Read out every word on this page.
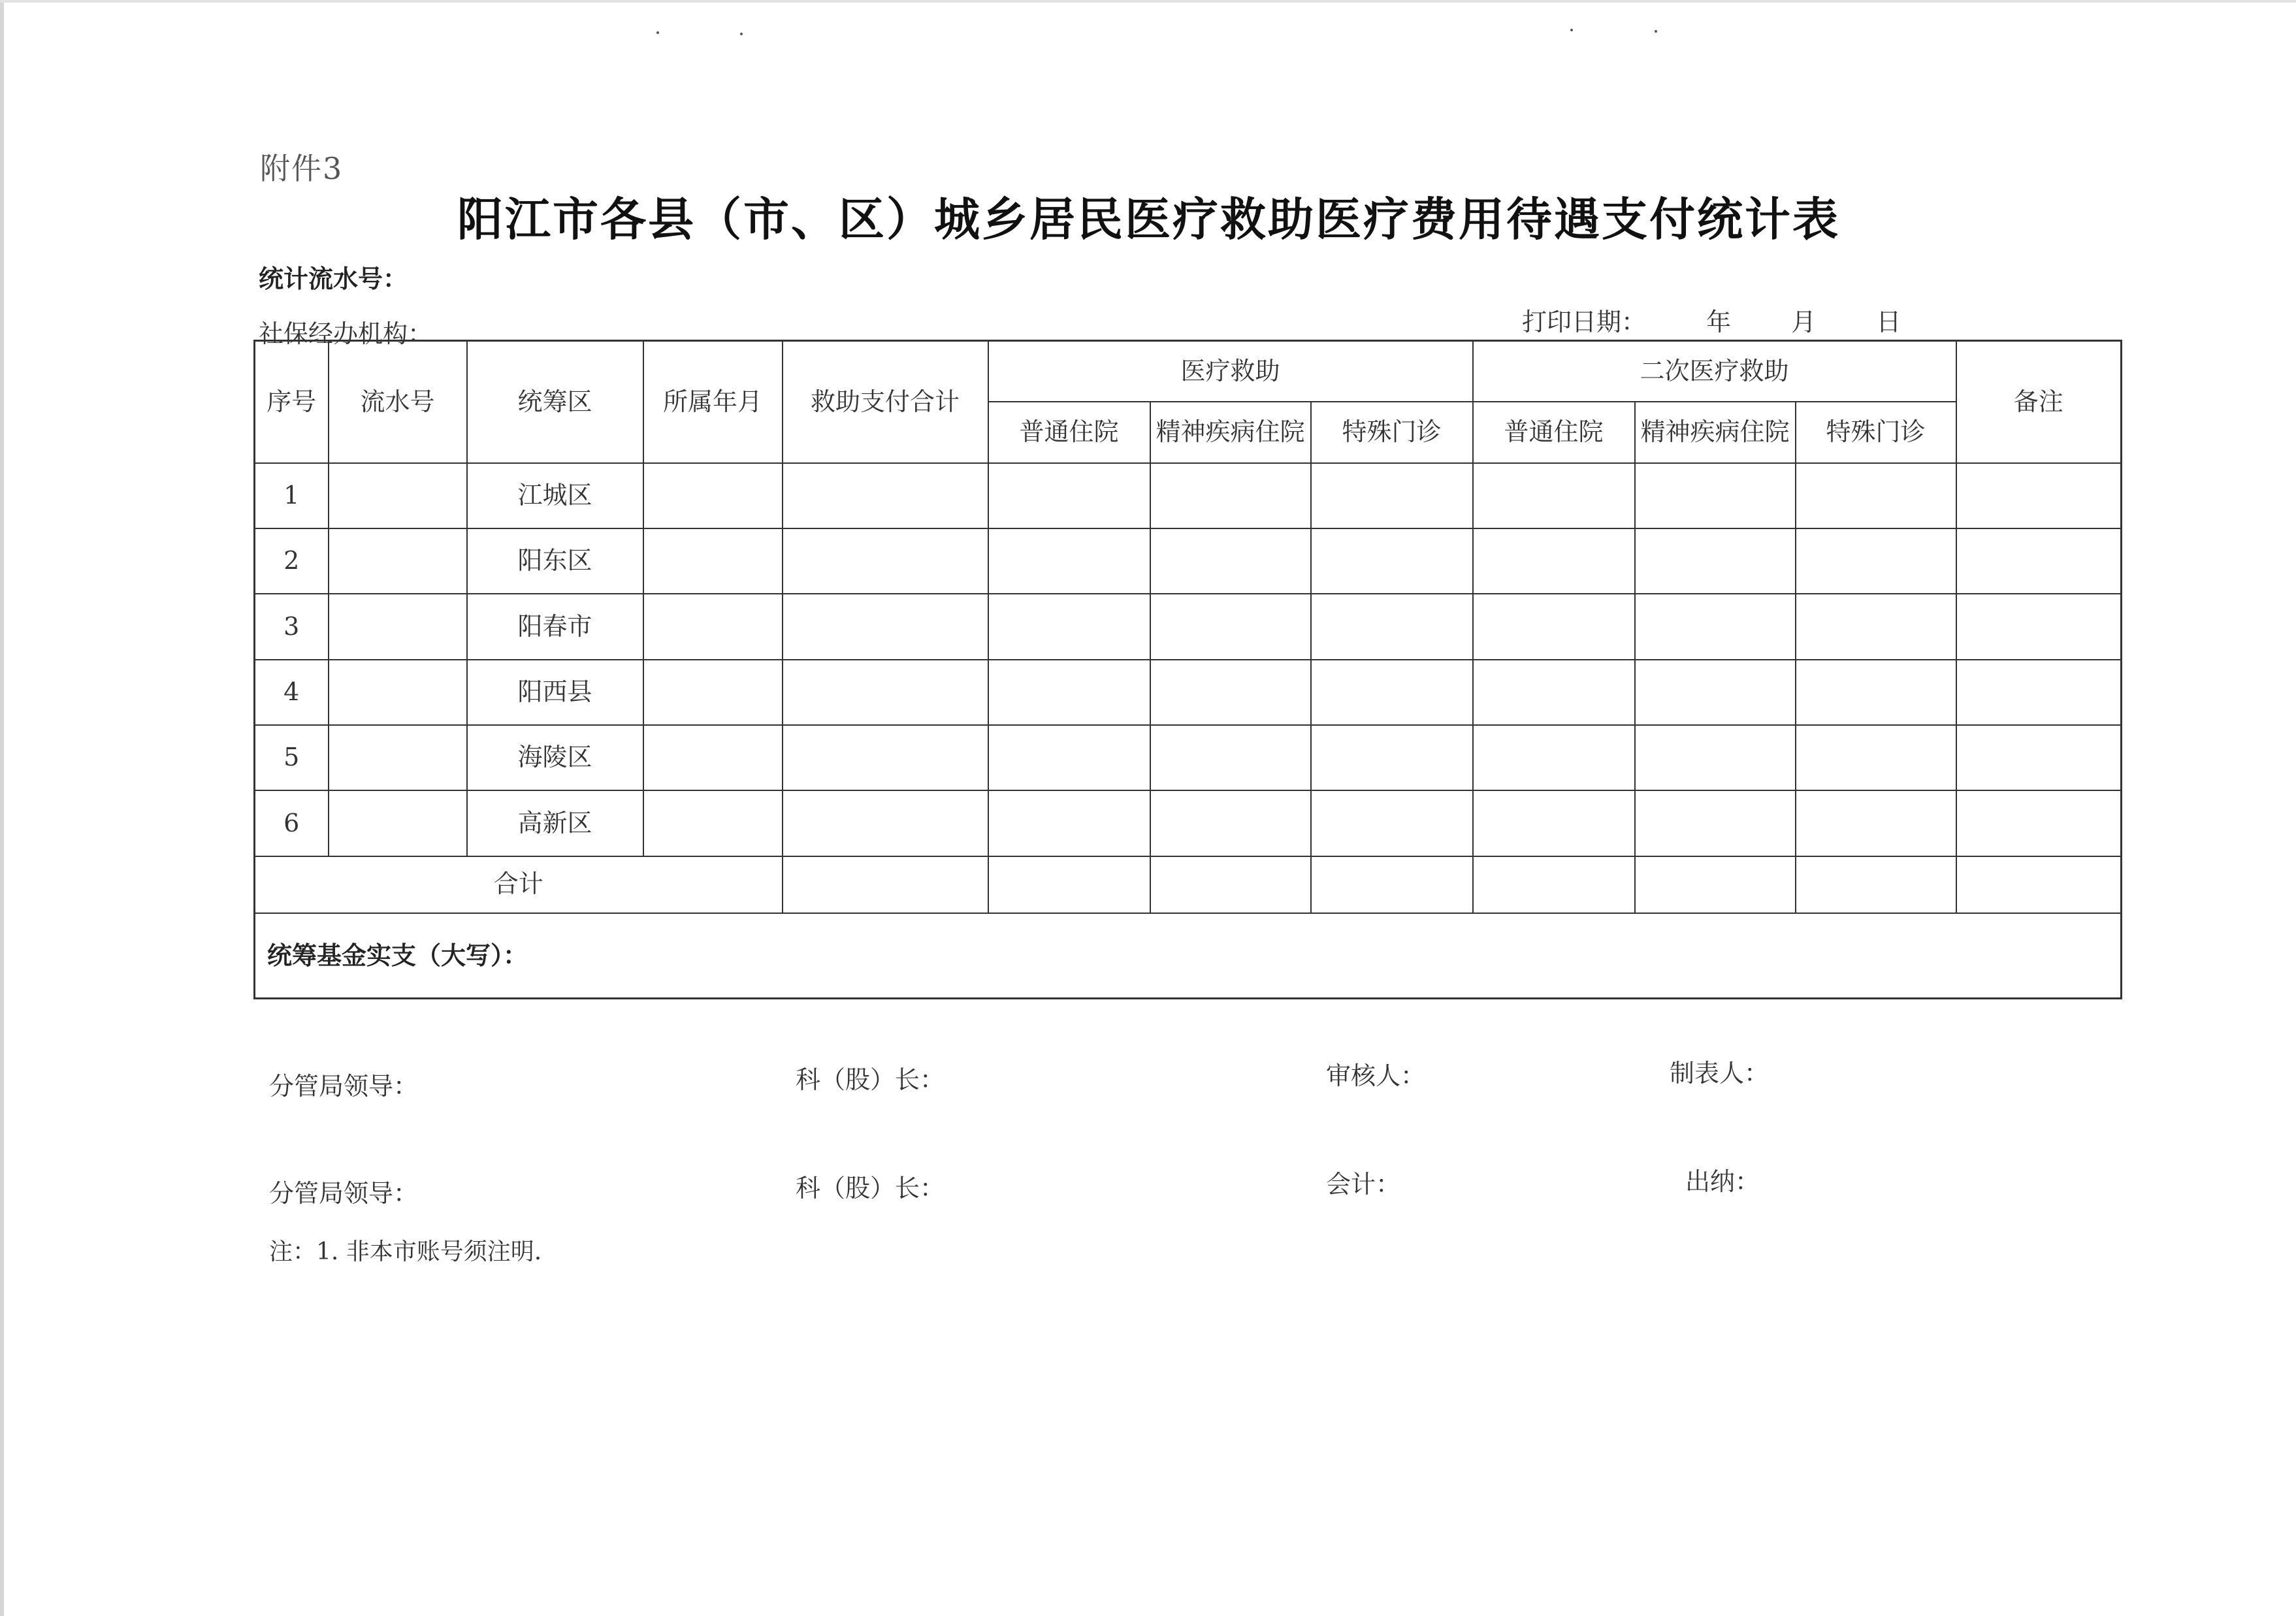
附件3
阳江市各县（市、区）城乡居民医疗救助医疗费用待遇支付统计表
统计流水号：
社保经办机构：	打印日期： 年 月 日
序号	流水号	统筹区	所属年月	救助支付合计	医疗救助			二次医疗救助			备注
					普通住院	精神疾病住院	特殊门诊	普通住院	精神疾病住院	特殊门诊	
1		江城区									
2		阳东区									
3		阳春市									
4		阳西县									
5		海陵区									
6		高新区									
合计											
统筹基金实支（大写）：											
分管局领导：	科（股）长：	审核人：	制表人：
分管局领导：	科（股）长：	会计：	出纳：
注：1. 非本市账号须注明.
